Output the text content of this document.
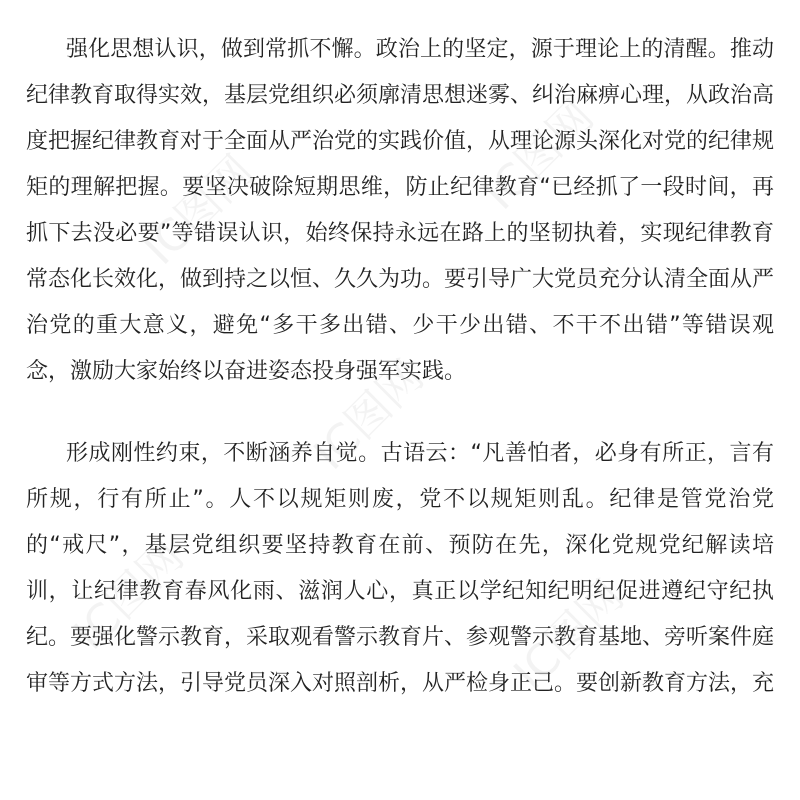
强化思想认识，做到常抓不懈。政治上的坚定，源于理论上的清醒。推动纪律教育取得实效，基层党组织必须廓清思想迷雾、纠治麻痹心理，从政治高度把握纪律教育对于全面从严治党的实践价值，从理论源头深化对党的纪律规矩的理解把握。要坚决破除短期思维，防止纪律教育“已经抓了一段时间，再抓下去没必要”等错误认识，始终保持永远在路上的坚韧执着，实现纪律教育常态化长效化，做到持之以恒、久久为功。要引导广大党员充分认清全面从严治党的重大意义，避免“多干多出错、少干少出错、不干不出错”等错误观念，激励大家始终以奋进姿态投身强军实践。

形成刚性约束，不断涵养自觉。古语云：“凡善怕者，必身有所正，言有所规，行有所止”。人不以规矩则废，党不以规矩则乱。纪律是管党治党的“戒尺”，基层党组织要坚持教育在前、预防在先，深化党规党纪解读培训，让纪律教育春风化雨、滋润人心，真正以学纪知纪明纪促进遵纪守纪执纪。要强化警示教育，采取观看警示教育片、参观警示教育基地、旁听案件庭审等方式方法，引导党员深入对照剖析，从严检身正己。要创新教育方法，充

IC图网	IC图网
IC图网
IC图网	IC图网
